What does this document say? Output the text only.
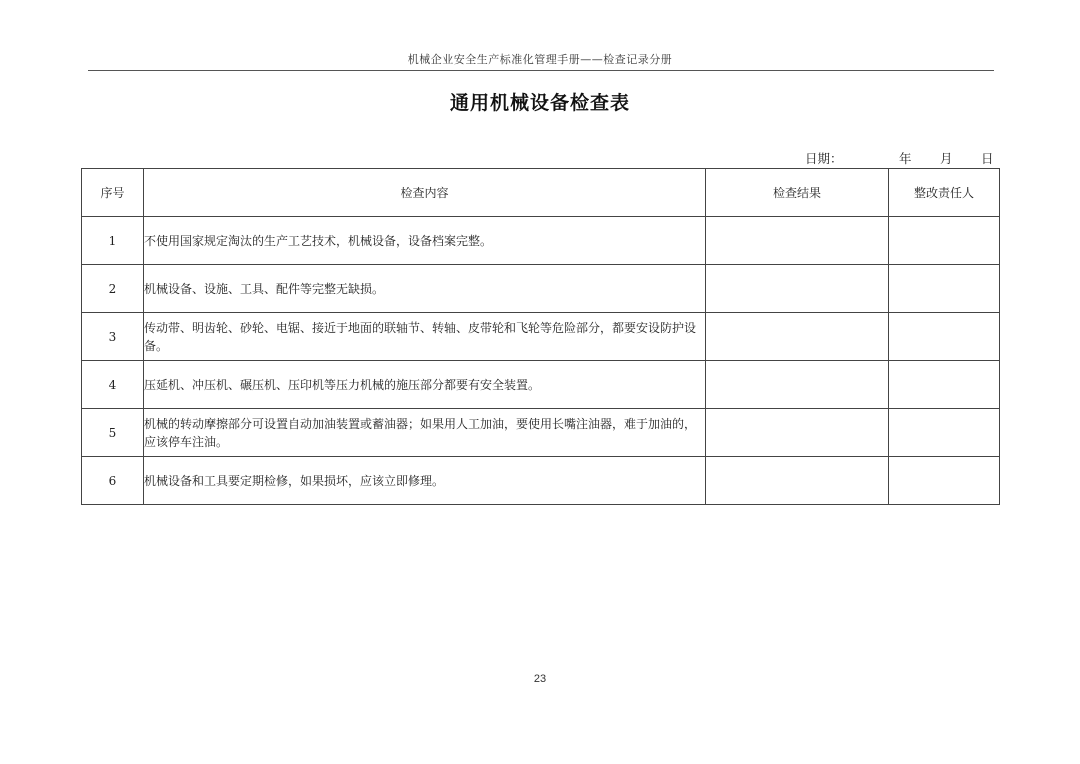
机械企业安全生产标准化管理手册——检查记录分册
通用机械设备检查表
日期：	年 月 日
序号	检查内容	检查结果	整改责任人
1	不使用国家规定淘汰的生产工艺技术，机械设备，设备档案完整。		
2	机械设备、设施、工具、配件等完整无缺损。		
3	传动带、明齿轮、砂轮、电锯、接近于地面的联轴节、转轴、皮带轮和飞轮等危险部分，都要安设防护设备。		
4	压延机、冲压机、碾压机、压印机等压力机械的施压部分都要有安全装置。		
5	机械的转动摩擦部分可设置自动加油装置或蓄油器；如果用人工加油，要使用长嘴注油器，难于加油的，应该停车注油。		
6	机械设备和工具要定期检修，如果损坏，应该立即修理。		
23
